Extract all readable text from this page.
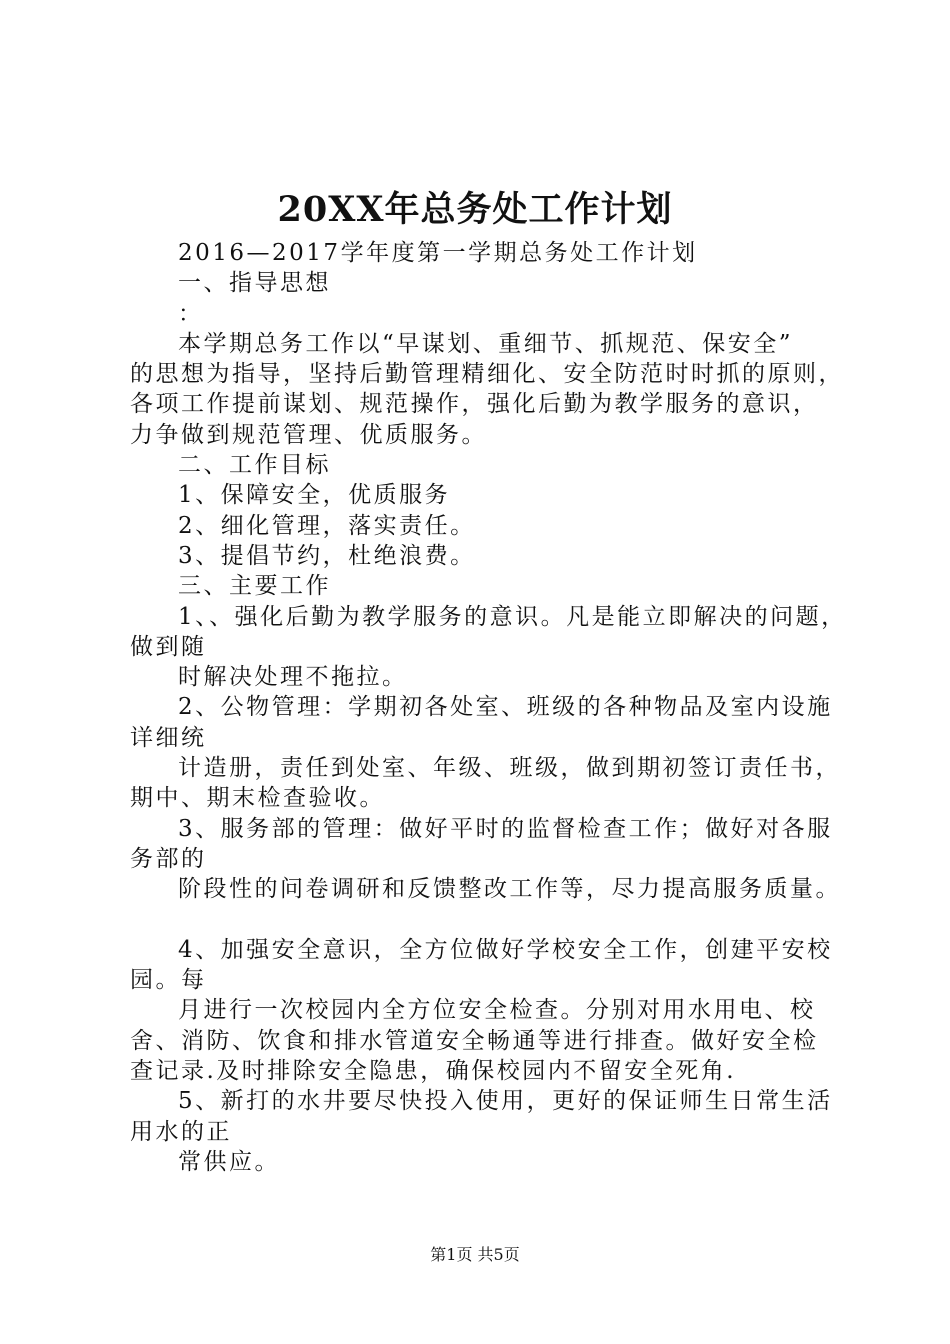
20XX年总务处工作计划
2016—2017学年度第一学期总务处工作计划
一、指导思想
：
本学期总务工作以“早谋划、重细节、抓规范、保安全”
的思想为指导，坚持后勤管理精细化、安全防范时时抓的原则，
各项工作提前谋划、规范操作，强化后勤为教学服务的意识，
力争做到规范管理、优质服务。
二、工作目标
1、保障安全，优质服务
2、细化管理，落实责任。
3、提倡节约，杜绝浪费。
三、主要工作
1、、强化后勤为教学服务的意识。凡是能立即解决的问题，
做到随
时解决处理不拖拉。
2、公物管理：学期初各处室、班级的各种物品及室内设施
详细统
计造册，责任到处室、年级、班级，做到期初签订责任书，
期中、期末检查验收。
3、服务部的管理：做好平时的监督检查工作；做好对各服
务部的
阶段性的问卷调研和反馈整改工作等，尽力提高服务质量。
4、加强安全意识，全方位做好学校安全工作，创建平安校
园。每
月进行一次校园内全方位安全检查。分别对用水用电、校
舍、消防、饮食和排水管道安全畅通等进行排查。做好安全检
查记录.及时排除安全隐患，确保校园内不留安全死角.
5、新打的水井要尽快投入使用，更好的保证师生日常生活
用水的正
常供应。
第1页 共5页
